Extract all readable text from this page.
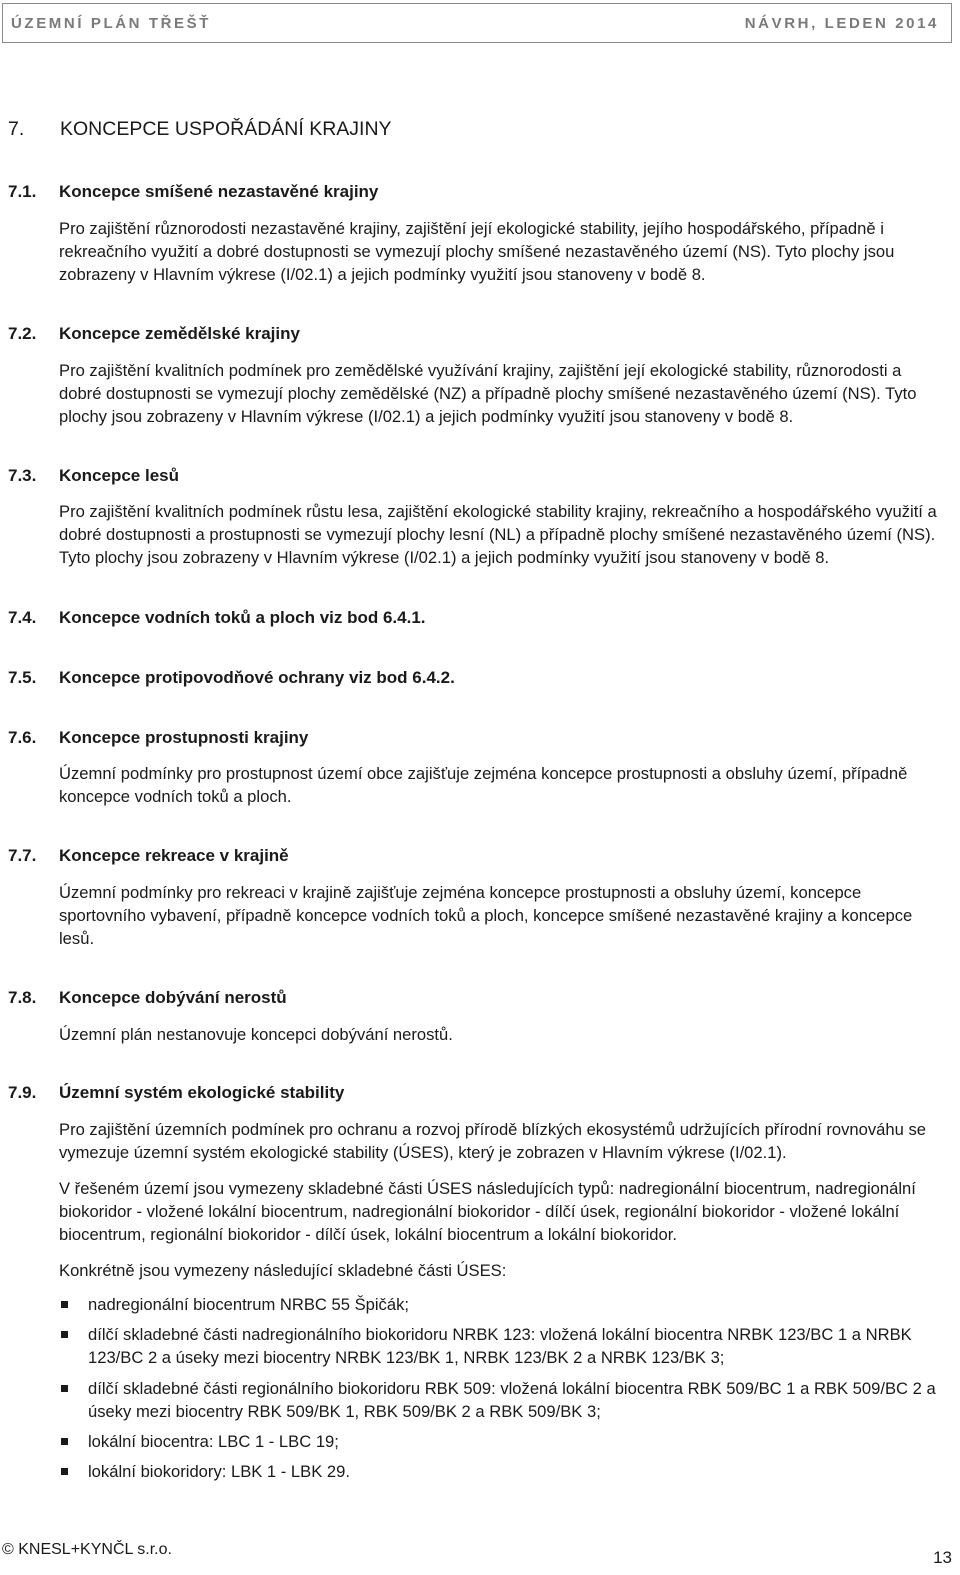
ÚZEMNÍ PLÁN TŘEŠŤ	NÁVRH, LEDEN 2014
7. KONCEPCE USPOŘÁDÁNÍ KRAJINY
7.1. Koncepce smíšené nezastavěné krajiny
Pro zajištění různorodosti nezastavěné krajiny, zajištění její ekologické stability, jejího hospodářského, případně i rekreačního využití a dobré dostupnosti se vymezují plochy smíšené nezastavěného území (NS). Tyto plochy jsou zobrazeny v Hlavním výkrese (I/02.1) a jejich podmínky využití jsou stanoveny v bodě 8.
7.2. Koncepce zemědělské krajiny
Pro zajištění kvalitních podmínek pro zemědělské využívání krajiny, zajištění její ekologické stability, různorodosti a dobré dostupnosti se vymezují plochy zemědělské (NZ) a případně plochy smíšené nezastavěného území (NS). Tyto plochy jsou zobrazeny v Hlavním výkrese (I/02.1) a jejich podmínky využití jsou stanoveny v bodě 8.
7.3. Koncepce lesů
Pro zajištění kvalitních podmínek růstu lesa, zajištění ekologické stability krajiny, rekreačního a hospodářského využití a dobré dostupnosti a prostupnosti se vymezují plochy lesní (NL) a případně plochy smíšené nezastavěného území (NS). Tyto plochy jsou zobrazeny v Hlavním výkrese (I/02.1) a jejich podmínky využití jsou stanoveny v bodě 8.
7.4. Koncepce vodních toků a ploch viz bod 6.4.1.
7.5. Koncepce protipovodňové ochrany viz bod 6.4.2.
7.6. Koncepce prostupnosti krajiny
Územní podmínky pro prostupnost území obce zajišťuje zejména koncepce prostupnosti a obsluhy území, případně koncepce vodních toků a ploch.
7.7. Koncepce rekreace v krajině
Územní podmínky pro rekreaci v krajině zajišťuje zejména koncepce prostupnosti a obsluhy území, koncepce sportovního vybavení, případně koncepce vodních toků a ploch, koncepce smíšené nezastavěné krajiny a koncepce lesů.
7.8. Koncepce dobývání nerostů
Územní plán nestanovuje koncepci dobývání nerostů.
7.9. Územní systém ekologické stability
Pro zajištění územních podmínek pro ochranu a rozvoj přírodě blízkých ekosystémů udržujících přírodní rovnováhu se vymezuje územní systém ekologické stability (ÚSES), který je zobrazen v Hlavním výkrese (I/02.1).
V řešeném území jsou vymezeny skladebné části ÚSES následujících typů: nadregionální biocentrum, nadregionální biokoridor - vložené lokální biocentrum, nadregionální biokoridor - dílčí úsek, regionální biokoridor - vložené lokální biocentrum, regionální biokoridor - dílčí úsek, lokální biocentrum a lokální biokoridor.
Konkrétně jsou vymezeny následující skladebné části ÚSES:
nadregionální biocentrum NRBC 55 Špičák;
dílčí skladebné části nadregionálního biokoridoru NRBK 123: vložená lokální biocentra NRBK 123/BC 1 a NRBK 123/BC 2 a úseky mezi biocentry NRBK 123/BK 1, NRBK 123/BK 2 a NRBK 123/BK 3;
dílčí skladebné části regionálního biokoridoru RBK 509: vložená lokální biocentra RBK 509/BC 1 a RBK 509/BC 2 a úseky mezi biocentry RBK 509/BK 1, RBK 509/BK 2 a RBK 509/BK 3;
lokální biocentra: LBC 1 - LBC 19;
lokální biokoridory: LBK 1 - LBK 29.
© KNESL+KYNČL s.r.o.	13
